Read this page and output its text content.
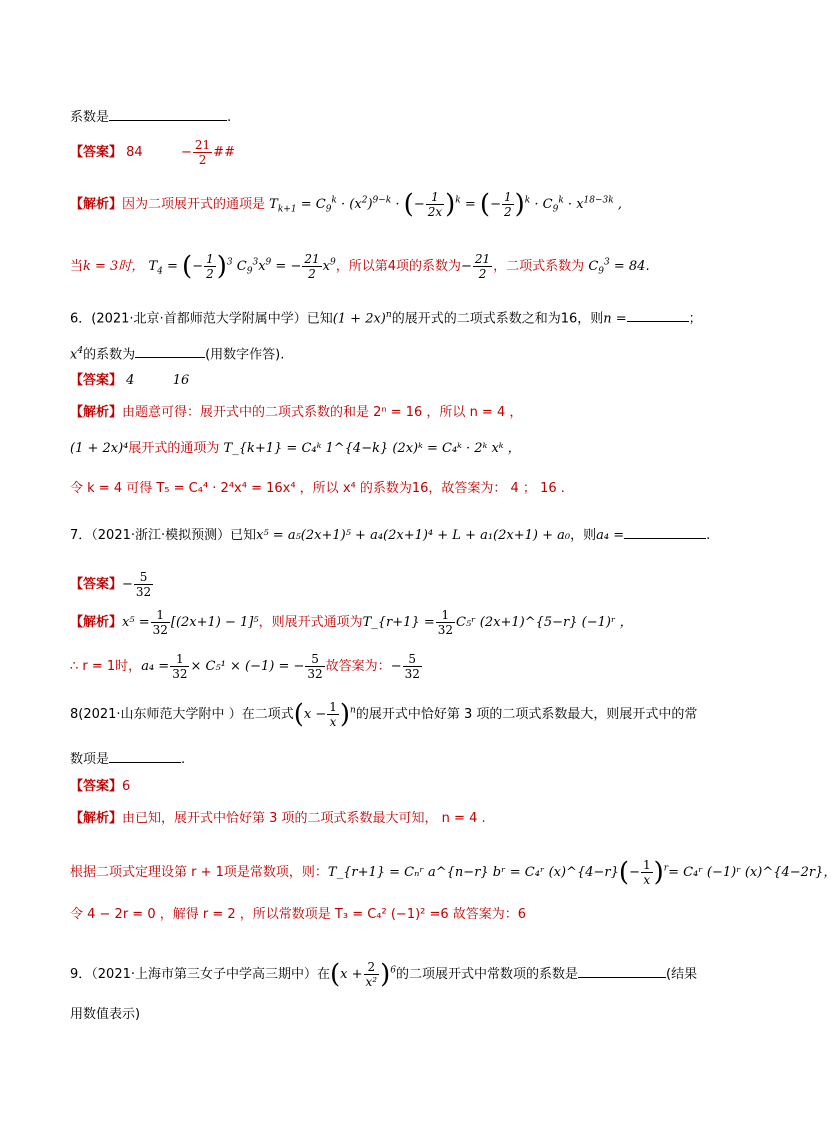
系数是	.
【答案】 84	− $\frac{21}{2}$ ##
【解析】因为二项展开式的通项是 $T_{k+1} = C_9^k \cdot (x^2)^{9-k}$ · (− $\frac{1}{2x} )^k$ = (− $\frac{1}{2} )^k \cdot C_9^k \cdot x^{18-3k}$ ,
当k = 3时， $T_4$ = (− $\frac{1}{2} )^3$ $C_9^3x^9$ = − $\frac{21}{2} x^9$，所以第4项的系数为− $\frac{21}{2}$ ，二项式系数为 $C_9^3 = 84$.
6．(2021·北京·首都师范大学附属中学）已知$(1 + 2x)^n$的展开式的二项式系数之和为16，则n =	；
$x^4$的系数为	(用数字作答).
【答案】 4	16
【解析】由题意可得：展开式中的二项式系数的和是 2ⁿ = 16 ，所以 n = 4 ，
(1 + 2x)⁴展开式的通项为 T_{k+1} = C₄ᵏ 1^{4−k} (2x)ᵏ = C₄ᵏ · 2ᵏ xᵏ ，
令 k = 4 可得 T₅ = C₄⁴ · 2⁴x⁴ = 16x⁴ ，所以 x⁴ 的系数为16，故答案为： 4 ； 16 .
7．（2021·浙江·模拟预测）已知x⁵ = a₅(2x+1)⁵ + a₄(2x+1)⁴ + L + a₁(2x+1) + a₀，则a₄ =	.
【答案】− $\frac{5}{32}$
【解析】$x^5 = \frac{1}{32} [(2x+1) - 1]^5$，则展开式通项为T_{r+1} = $\frac{1}{32}$ C₅ʳ (2x+1)^{5−r} (−1)ʳ ，
∴ r = 1时，$a_4 = \frac{1}{32} \times C_5^1 \times (-1)$ = − $\frac{5}{32}$ 故答案为：− $\frac{5}{32}$
8(2021·山东师范大学附中 ）在二项式$(x - \frac{1}{x} )^n$的展开式中恰好第 3 项的二项式系数最大，则展开式中的常
数项是	.
【答案】6
【解析】由已知，展开式中恰好第 3 项的二项式系数最大可知， n = 4 .
根据二项式定理设第 r + 1项是常数项，则：T_{r+1} = Cₙʳ a^{n−r} bʳ = C₄ʳ (x)^{4−r}(− $\frac{1}{x} )^r=$ C₄ʳ (−1)ʳ (x)^{4−2r}，
令 4 − 2r = 0 ，解得 r = 2 ，所以常数项是 T₃ = C₄² (−1)² =6 故答案为：6
9．（2021·上海市第三女子中学高三期中）在$(x + \frac{2}{\text{x²}} )^6$的二项展开式中常数项的系数是	(结果
用数值表示)
